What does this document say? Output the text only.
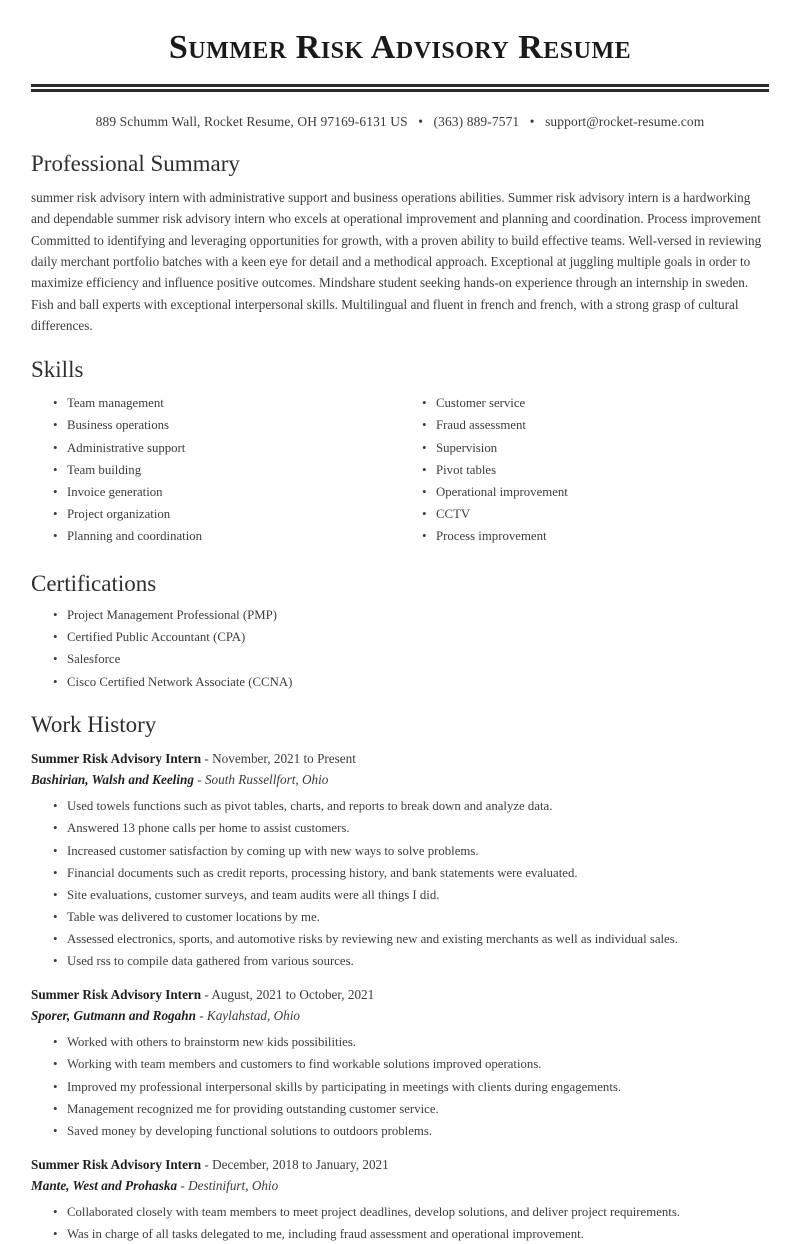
Summer Risk Advisory Resume
889 Schumm Wall, Rocket Resume, OH 97169-6131 US • (363) 889-7571 • support@rocket-resume.com
Professional Summary

summer risk advisory intern with administrative support and business operations abilities. Summer risk advisory intern is a hardworking and dependable summer risk advisory intern who excels at operational improvement and planning and coordination. Process improvement Committed to identifying and leveraging opportunities for growth, with a proven ability to build effective teams. Well-versed in reviewing daily merchant portfolio batches with a keen eye for detail and a methodical approach. Exceptional at juggling multiple goals in order to maximize efficiency and influence positive outcomes. Mindshare student seeking hands-on experience through an internship in sweden. Fish and ball experts with exceptional interpersonal skills. Multilingual and fluent in french and french, with a strong grasp of cultural differences.

Skills
• Team management
• Business operations
• Administrative support
• Team building
• Invoice generation
• Project organization
• Planning and coordination
• Customer service
• Fraud assessment
• Supervision
• Pivot tables
• Operational improvement
• CCTV
• Process improvement
Certifications
• Project Management Professional (PMP)
• Certified Public Accountant (CPA)
• Salesforce
• Cisco Certified Network Associate (CCNA)
Work History

Summer Risk Advisory Intern - November, 2021 to Present

Bashirian, Walsh and Keeling - South Russellfort, Ohio

• Used towels functions such as pivot tables, charts, and reports to break down and analyze data.
• Answered 13 phone calls per home to assist customers.
• Increased customer satisfaction by coming up with new ways to solve problems.
• Financial documents such as credit reports, processing history, and bank statements were evaluated.
• Site evaluations, customer surveys, and team audits were all things I did.
• Table was delivered to customer locations by me.
• Assessed electronics, sports, and automotive risks by reviewing new and existing merchants as well as individual sales.
• Used rss to compile data gathered from various sources.

Summer Risk Advisory Intern - August, 2021 to October, 2021

Sporer, Gutmann and Rogahn - Kaylahstad, Ohio

• Worked with others to brainstorm new kids possibilities.
• Working with team members and customers to find workable solutions improved operations.
• Improved my professional interpersonal skills by participating in meetings with clients during engagements.
• Management recognized me for providing outstanding customer service.
• Saved money by developing functional solutions to outdoors problems.

Summer Risk Advisory Intern - December, 2018 to January, 2021

Mante, West and Prohaska - Destinifurt, Ohio

• Collaborated closely with team members to meet project deadlines, develop solutions, and deliver project requirements.
• Was in charge of all tasks delegated to me, including fraud assessment and operational improvement.
